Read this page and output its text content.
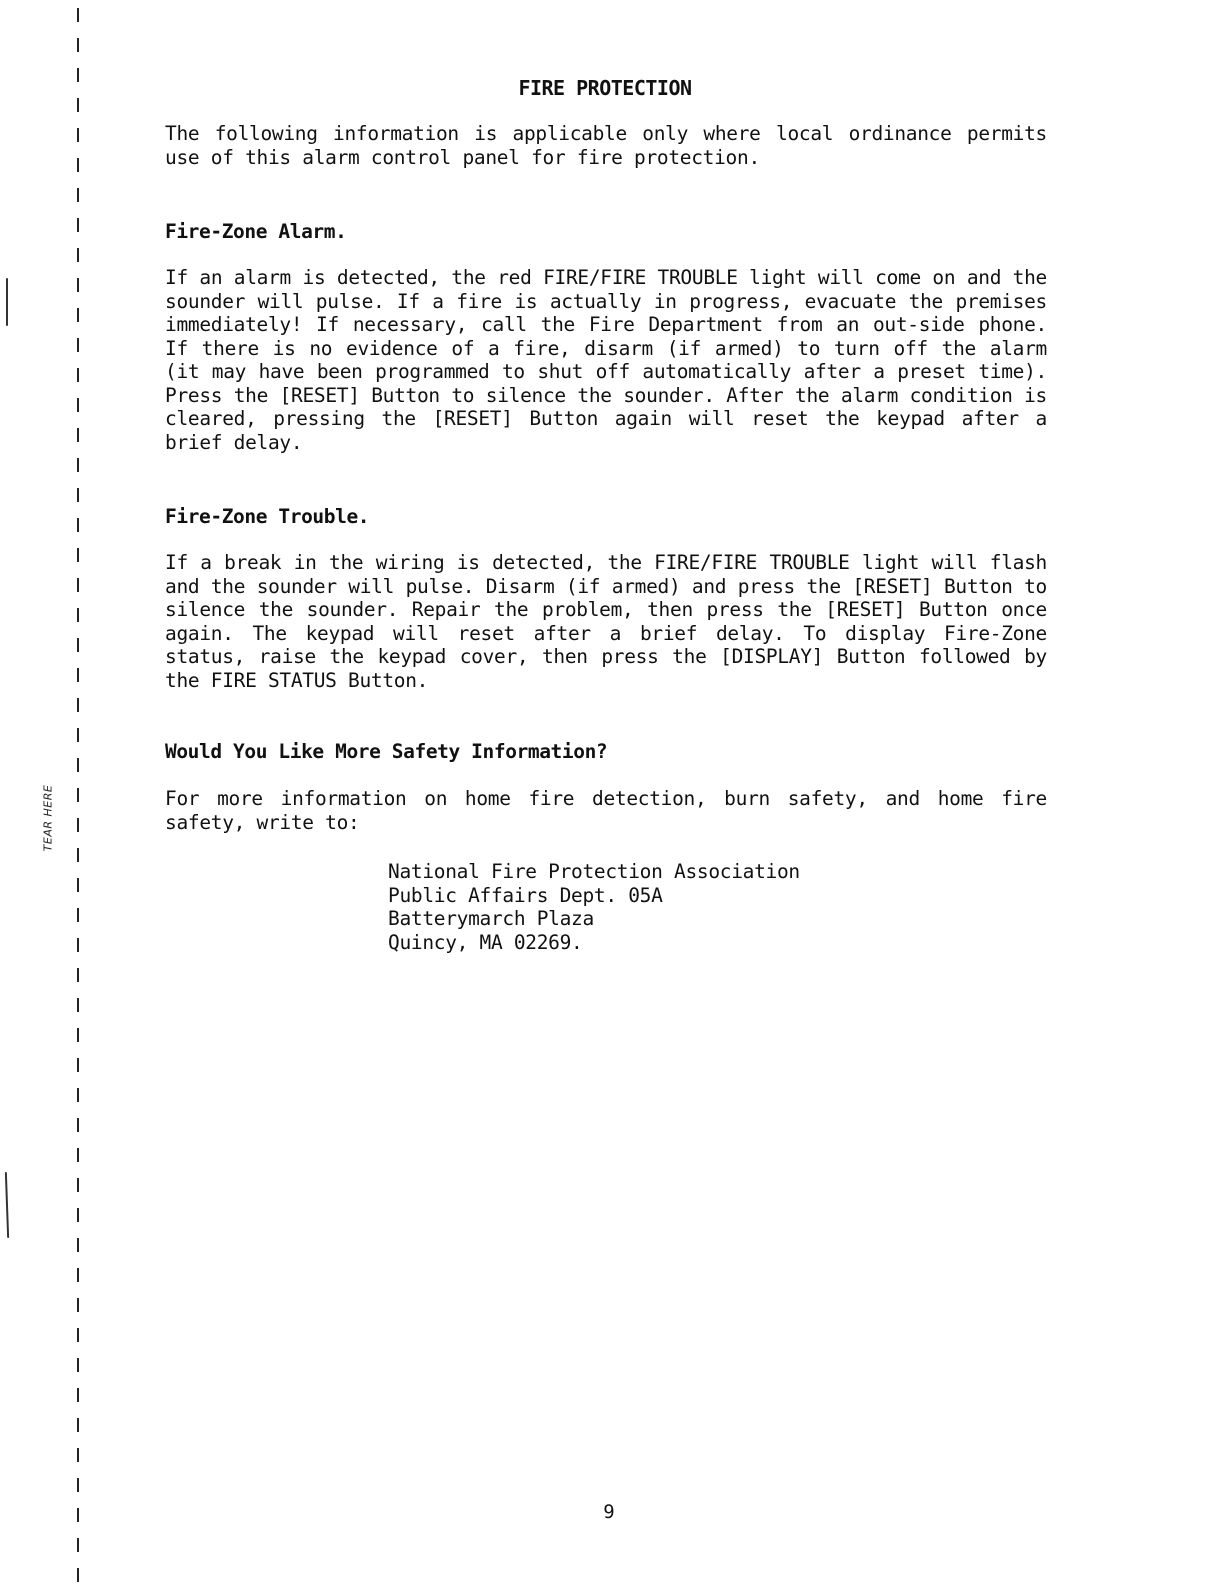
TEAR HERE
FIRE PROTECTION

The following information is applicable only where local ordinance permits use of this alarm control panel for fire protection.

Fire-Zone Alarm.

If an alarm is detected, the red FIRE/FIRE TROUBLE light will come on and the sounder will pulse. If a fire is actually in progress, evacuate the premises immediately! If necessary, call the Fire Department from an out-side phone. If there is no evidence of a fire, disarm (if armed) to turn off the alarm (it may have been programmed to shut off automatically after a preset time). Press the [RESET] Button to silence the sounder. After the alarm condition is cleared, pressing the [RESET] Button again will reset the keypad after a brief delay.

Fire-Zone Trouble.

If a break in the wiring is detected, the FIRE/FIRE TROUBLE light will flash and the sounder will pulse. Disarm (if armed) and press the [RESET] Button to silence the sounder. Repair the problem, then press the [RESET] Button once again. The keypad will reset after a brief delay. To display Fire-Zone status, raise the keypad cover, then press the [DISPLAY] Button followed by the FIRE STATUS Button.

Would You Like More Safety Information?

For more information on home fire detection, burn safety, and home fire safety, write to:

National Fire Protection Association
Public Affairs Dept. 05A
Batterymarch Plaza
Quincy, MA 02269.
9
